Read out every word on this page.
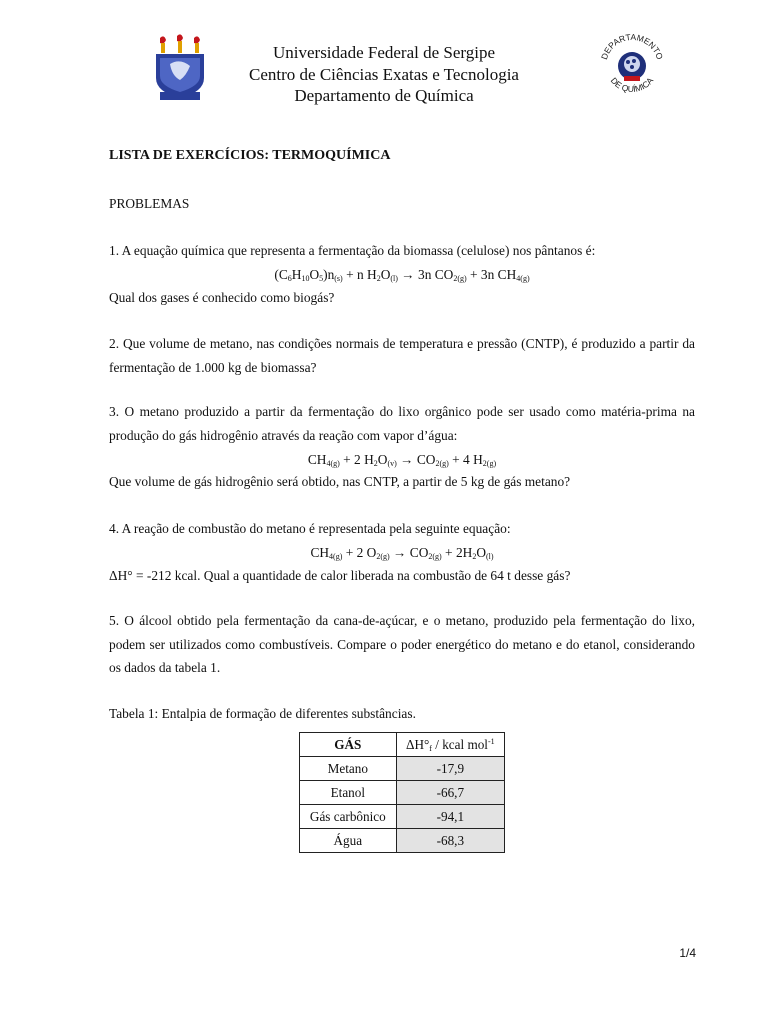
Universidade Federal de Sergipe
Centro de Ciências Exatas e Tecnologia
Departamento de Química
DEPARTAMENTO
DE QUÍMICA
LISTA DE EXERCÍCIOS: TERMOQUÍMICA
PROBLEMAS
1. A equação química que representa a fermentação da biomassa (celulose) nos pântanos é:
$(C_6H_{10}O_5)n_{(s)} + n$ $H_2O_{(l)} \to 3n$ $CO_{2(g)} + 3n$ $CH_{4(g)}$
Qual dos gases é conhecido como biogás?
2. Que volume de metano, nas condições normais de temperatura e pressão (CNTP), é produzido a partir da fermentação de 1.000 kg de biomassa?
3. O metano produzido a partir da fermentação do lixo orgânico pode ser usado como matéria-prima na produção do gás hidrogênio através da reação com vapor d’água:
$CH_{4(g)} + 2$ $H_2O_{(v)} \to CO_{2(g)} + 4$ $H_{2(g)}$
Que volume de gás hidrogênio será obtido, nas CNTP, a partir de 5 kg de gás metano?
4. A reação de combustão do metano é representada pela seguinte equação:
$CH_{4(g)} + 2$ $O_{2(g)} \to CO_{2(g)} + 2H_2O_{(l)}$
ΔH° = -212 kcal. Qual a quantidade de calor liberada na combustão de 64 t desse gás?
5. O álcool obtido pela fermentação da cana-de-açúcar, e o metano, produzido pela fermentação do lixo, podem ser utilizados como combustíveis. Compare o poder energético do metano e do etanol, considerando os dados da tabela 1.
Tabela 1: Entalpia de formação de diferentes substâncias.
GÁS	$\Delta H^\circ_f$ / kcal mol$^{-1}$
Metano	-17,9
Etanol	-66,7
Gás carbônico	-94,1
Água	-68,3
1/4
